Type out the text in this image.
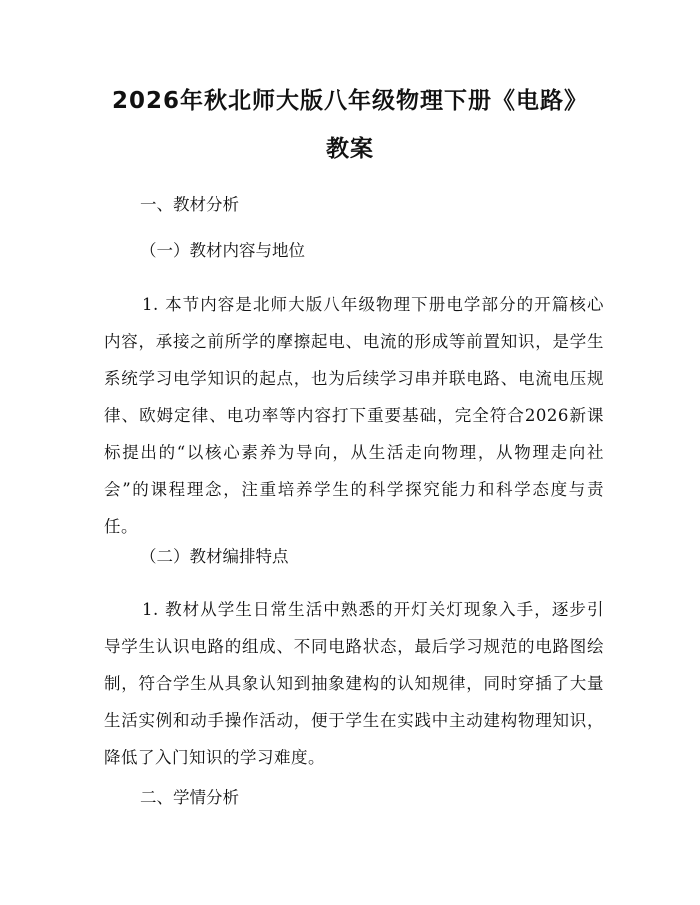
2026年秋北师大版八年级物理下册《电路》
教案

一、教材分析

（一）教材内容与地位

1. 本节内容是北师大版八年级物理下册电学部分的开篇核心内容，承接之前所学的摩擦起电、电流的形成等前置知识，是学生系统学习电学知识的起点，也为后续学习串并联电路、电流电压规律、欧姆定律、电功率等内容打下重要基础，完全符合2026新课标提出的“以核心素养为导向，从生活走向物理，从物理走向社会”的课程理念，注重培养学生的科学探究能力和科学态度与责任。

（二）教材编排特点

1. 教材从学生日常生活中熟悉的开灯关灯现象入手，逐步引导学生认识电路的组成、不同电路状态，最后学习规范的电路图绘制，符合学生从具象认知到抽象建构的认知规律，同时穿插了大量生活实例和动手操作活动，便于学生在实践中主动建构物理知识，降低了入门知识的学习难度。

二、学情分析
